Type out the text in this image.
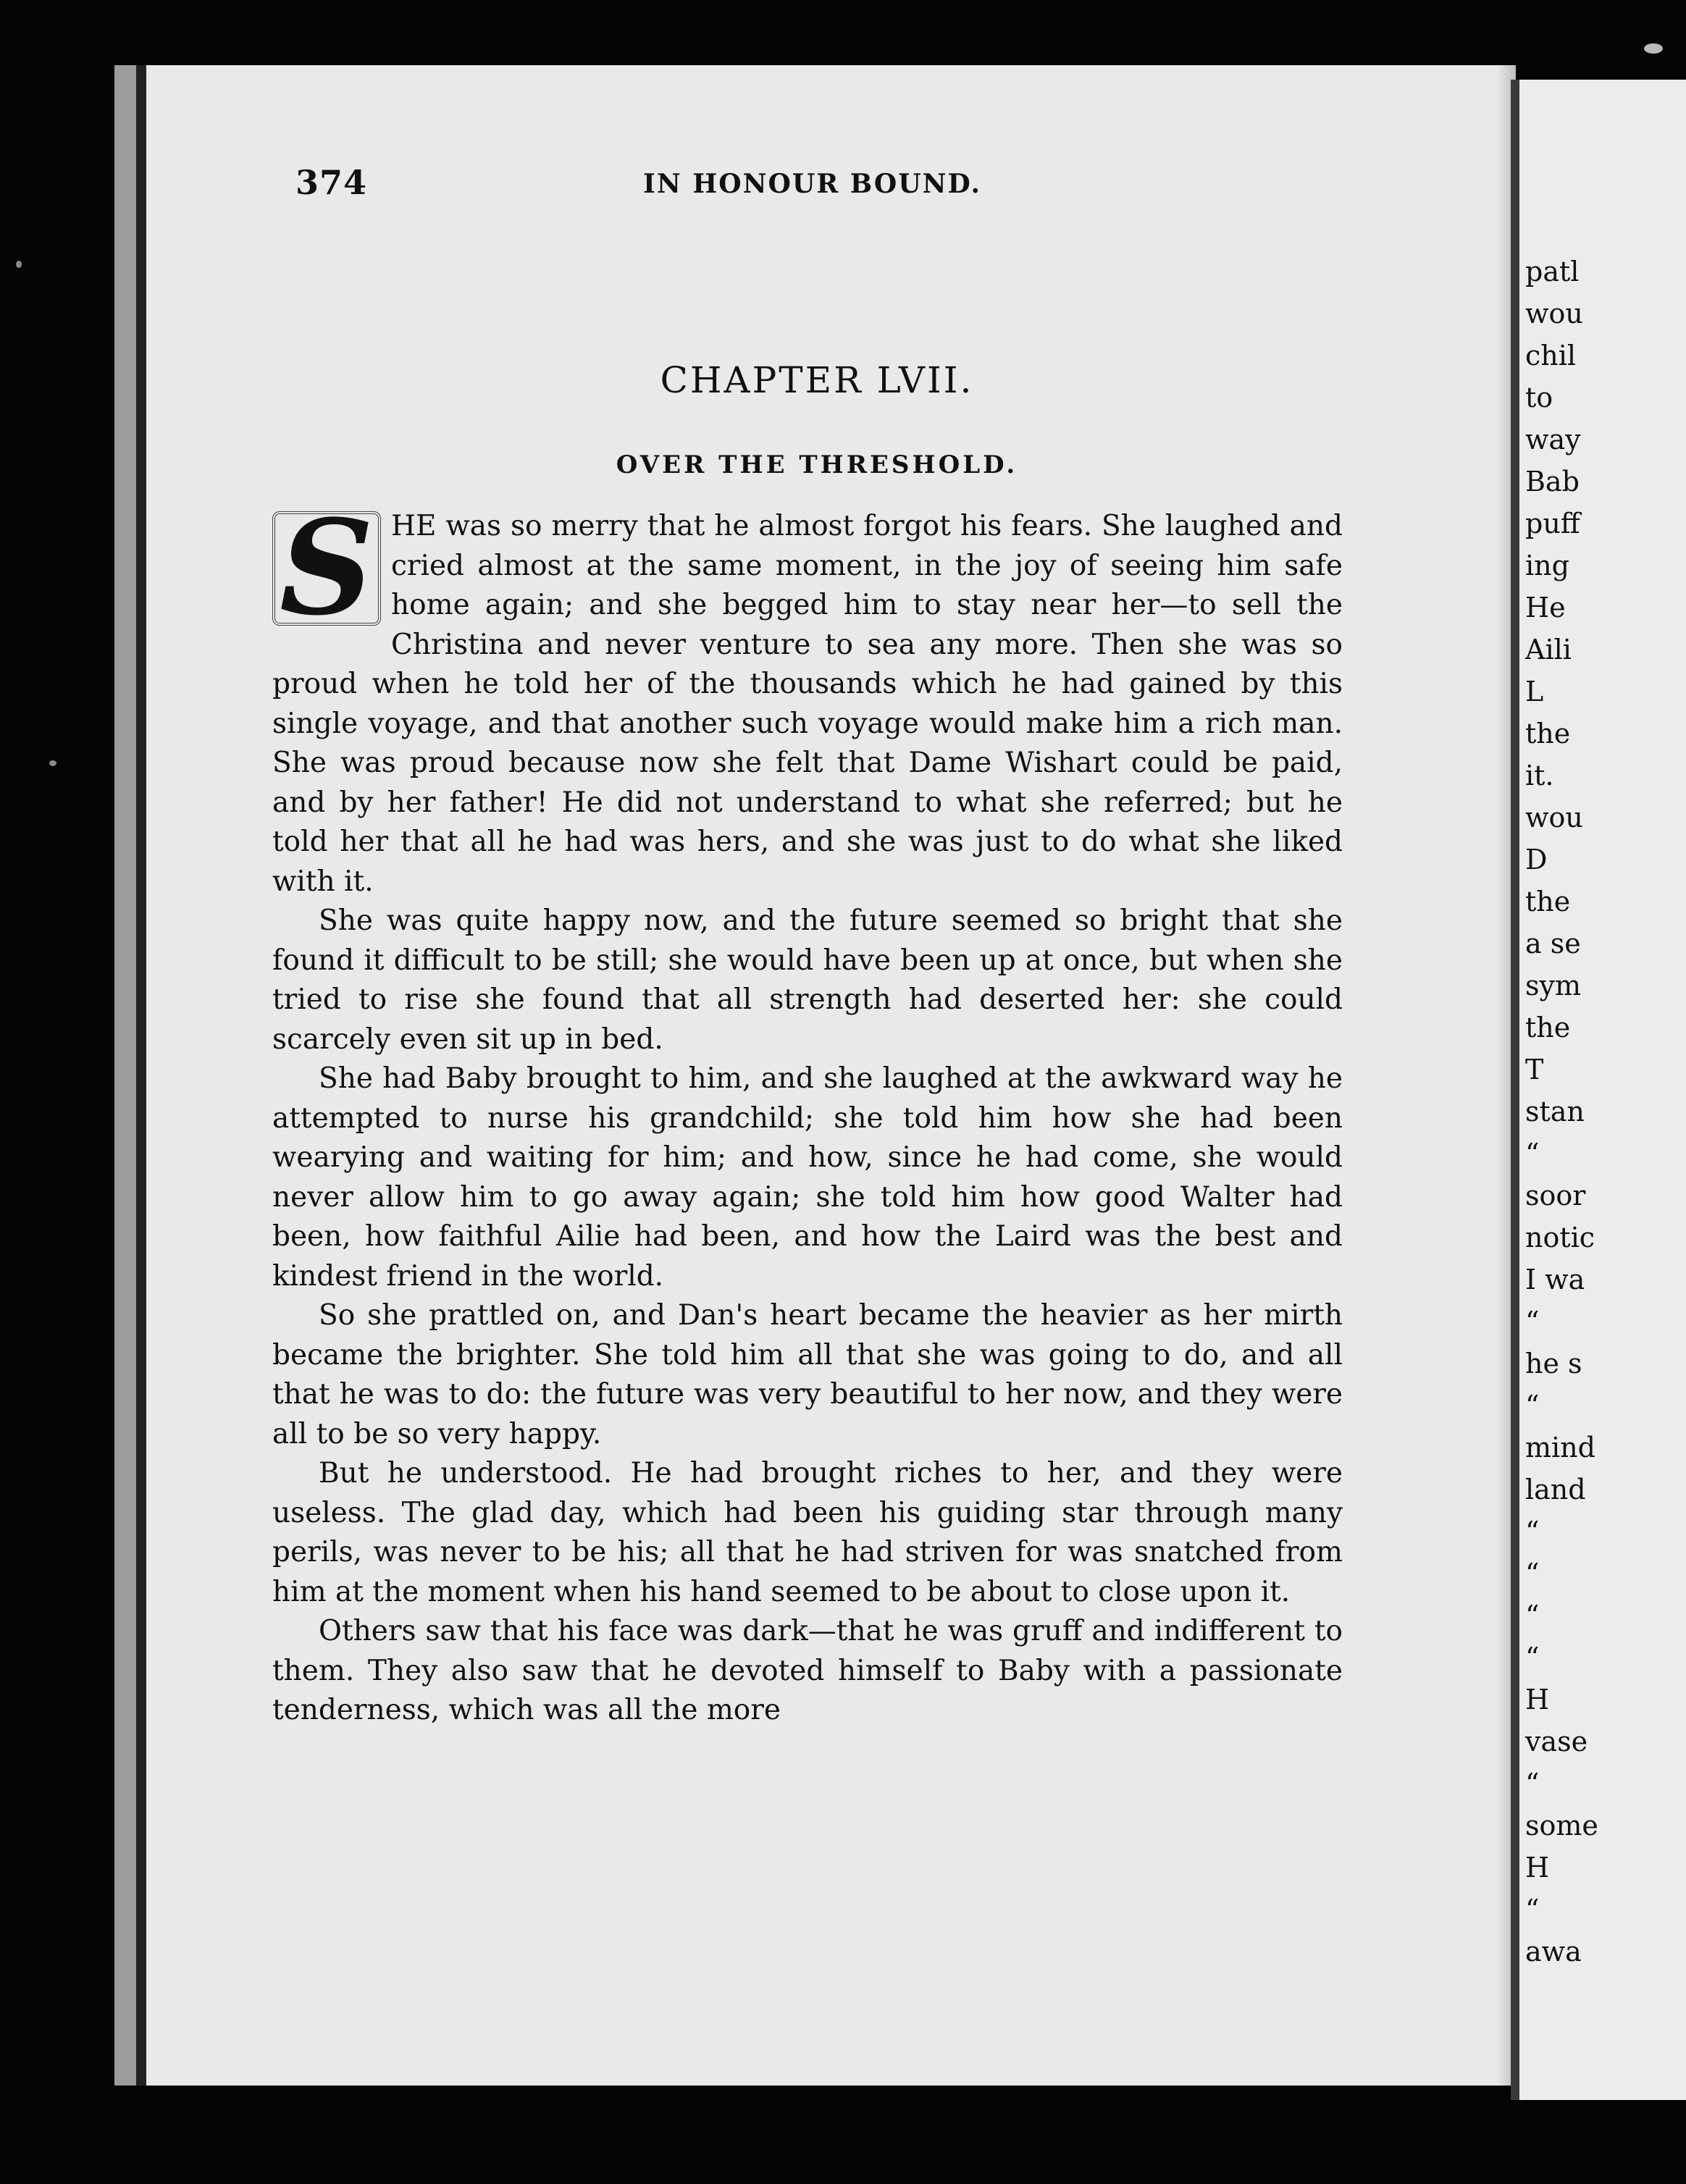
374	IN HONOUR BOUND.
CHAPTER LVII.
OVER THE THRESHOLD.

S HE was so merry that he almost forgot his fears. She laughed and cried almost at the same moment, in the joy of seeing him safe home again; and she begged him to stay near her—to sell the Christina and never venture to sea any more. Then she was so proud when he told her of the thousands which he had gained by this single voyage, and that another such voyage would make him a rich man. She was proud because now she felt that Dame Wishart could be paid, and by her father! He did not understand to what she referred; but he told her that all he had was hers, and she was just to do what she liked with it.

She was quite happy now, and the future seemed so bright that she found it difficult to be still; she would have been up at once, but when she tried to rise she found that all strength had deserted her: she could scarcely even sit up in bed.

She had Baby brought to him, and she laughed at the awkward way he attempted to nurse his grandchild; she told him how she had been wearying and waiting for him; and how, since he had come, she would never allow him to go away again; she told him how good Walter had been, how faithful Ailie had been, and how the Laird was the best and kindest friend in the world.

So she prattled on, and Dan's heart became the heavier as her mirth became the brighter. She told him all that she was going to do, and all that he was to do: the future was very beautiful to her now, and they were all to be so very happy.

But he understood. He had brought riches to her, and they were useless. The glad day, which had been his guiding star through many perils, was never to be his; all that he had striven for was snatched from him at the moment when his hand seemed to be about to close upon it.

Others saw that his face was dark—that he was gruff and indifferent to them. They also saw that he devoted himself to Baby with a passionate tenderness, which was all the more

patl
wou
chil
to
way
Bab
puff
ing
He
Aili
L
the
it.
wou
D
the
a se
sym
the
T
stan
“
soor
notic
I wa
“
he s
“
mind
land
“
“
“
“
H
vase
“
some
H
“
awa
